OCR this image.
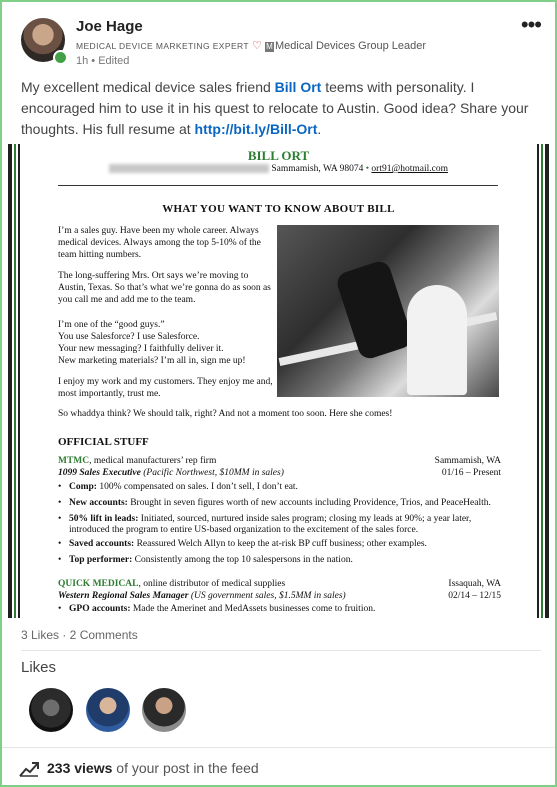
Joe Hage
MEDICAL DEVICE MARKETING EXPERT ♡ M Medical Devices Group Leader
1h • Edited
•••
My excellent medical device sales friend Bill Ort teems with personality. I encouraged him to use it in his quest to relocate to Austin. Good idea? Share your thoughts. His full resume at http://bit.ly/Bill-Ort.
BILL ORT
Sammamish, WA 98074 • ort91@hotmail.com
WHAT YOU WANT TO KNOW ABOUT BILL
I’m a sales guy. Have been my whole career. Always medical devices. Always among the top 5-10% of the team hitting numbers.
The long-suffering Mrs. Ort says we’re moving to Austin, Texas. So that’s what we’re gonna do as soon as you call me and add me to the team.
I’m one of the “good guys.”
You use Salesforce? I use Salesforce.
Your new messaging? I faithfully deliver it.
New marketing materials? I’m all in, sign me up!
I enjoy my work and my customers. They enjoy me and, most importantly, trust me.
So whaddya think? We should talk, right? And not a moment too soon. Here she comes!
OFFICIAL STUFF
MTMC, medical manufacturers’ rep firm
1099 Sales Executive (Pacific Northwest, $10MM in sales)
Sammamish, WA
01/16 – Present
• Comp: 100% compensated on sales. I don’t sell, I don’t eat.
• New accounts: Brought in seven figures worth of new accounts including Providence, Trios, and PeaceHealth.
• 50% lift in leads: Initiated, sourced, nurtured inside sales program; closing my leads at 90%; a year later, introduced the program to entire US-based organization to the excitement of the sales force.
• Saved accounts: Reassured Welch Allyn to keep the at-risk BP cuff business; other examples.
• Top performer: Consistently among the top 10 salespersons in the nation.
QUICK MEDICAL, online distributor of medical supplies
Western Regional Sales Manager (US government sales, $1.5MM in sales)
Issaquah, WA
02/14 – 12/15
• GPO accounts: Made the Amerinet and MedAssets businesses come to fruition.
3 Likes · 2 Comments
Likes
233 views of your post in the feed
